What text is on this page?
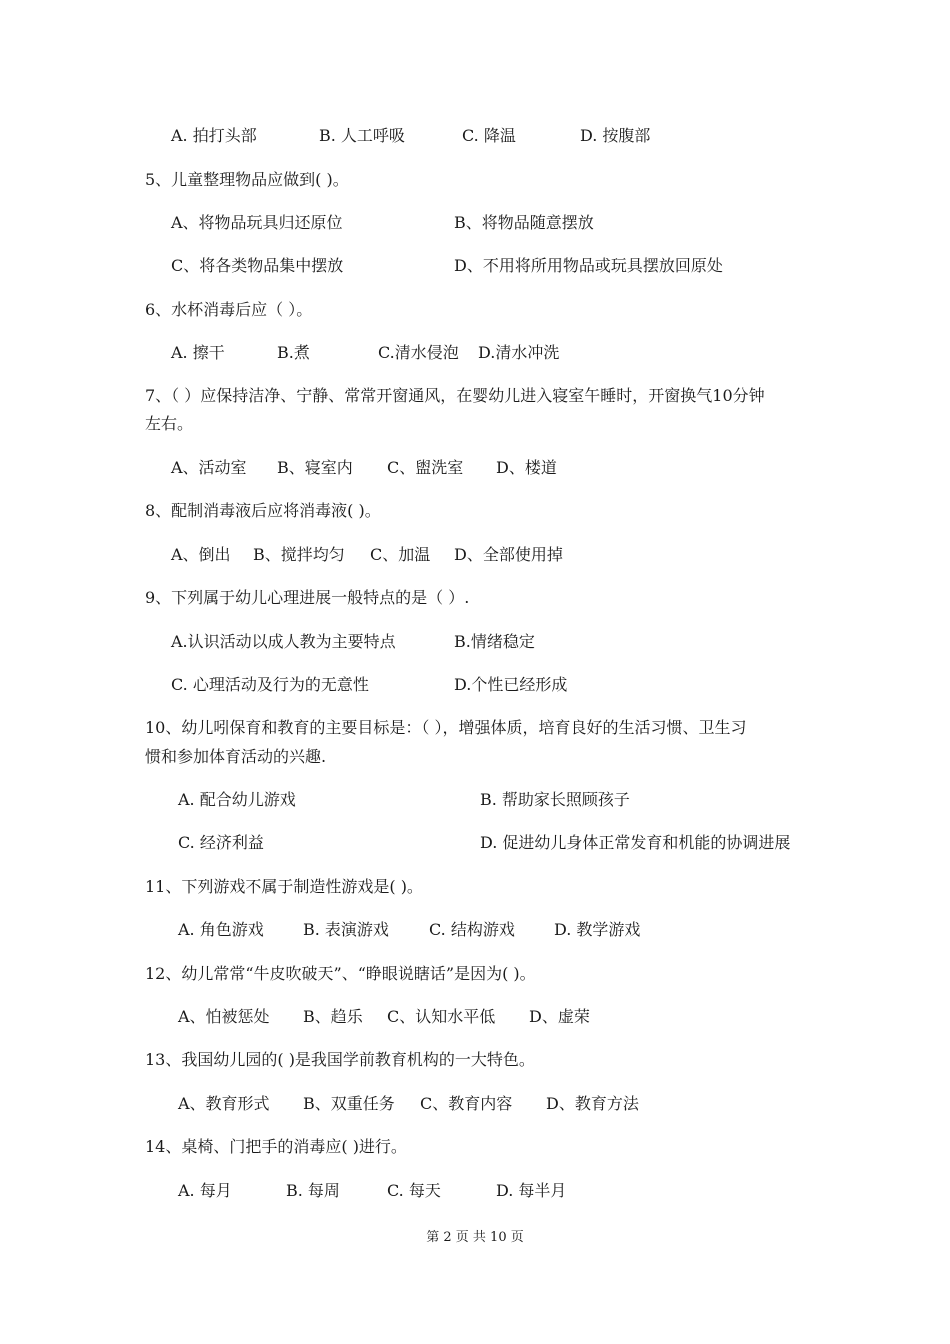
A. 拍打头部	B. 人工呼吸	C. 降温	D. 按腹部
5、儿童整理物品应做到( )。
A、将物品玩具归还原位	B、将物品随意摆放
C、将各类物品集中摆放	D、不用将所用物品或玩具摆放回原处
6、水杯消毒后应（ ）。
A. 擦干	B.煮	C.清水侵泡 D.清水冲洗
7、（ ）应保持洁净、宁静、常常开窗通风，在婴幼儿进入寝室午睡时，开窗换气10分钟
左右。
A、活动室 B、寝室内 C、盥洗室 D、楼道
8、配制消毒液后应将消毒液( )。
A、倒出 B、搅拌均匀 C、加温 D、全部使用掉
9、下列属于幼儿心理进展一般特点的是（ ）.
A.认识活动以成人教为主要特点	B.情绪稳定
C. 心理活动及行为的无意性	D.个性已经形成
10、幼儿吲保育和教育的主要目标是：（ ），增强体质，培育良好的生活习惯、卫生习
惯和参加体育活动的兴趣.
A. 配合幼儿游戏	B. 帮助家长照顾孩子
C. 经济利益	D. 促进幼儿身体正常发育和机能的协调进展
11、下列游戏不属于制造性游戏是( )。
A. 角色游戏 B. 表演游戏	C. 结构游戏 D. 教学游戏
12、幼儿常常“牛皮吹破天”、“睁眼说瞎话”是因为( )。
A、怕被惩处 B、趋乐 C、认知水平低 D、虚荣
13、我国幼儿园的( )是我国学前教育机构的一大特色。
A、教育形式 B、双重任务 C、教育内容 D、教育方法
14、桌椅、门把手的消毒应( )进行。
A. 每月	B. 每周	C. 每天	D. 每半月
第 2 页 共 10 页
